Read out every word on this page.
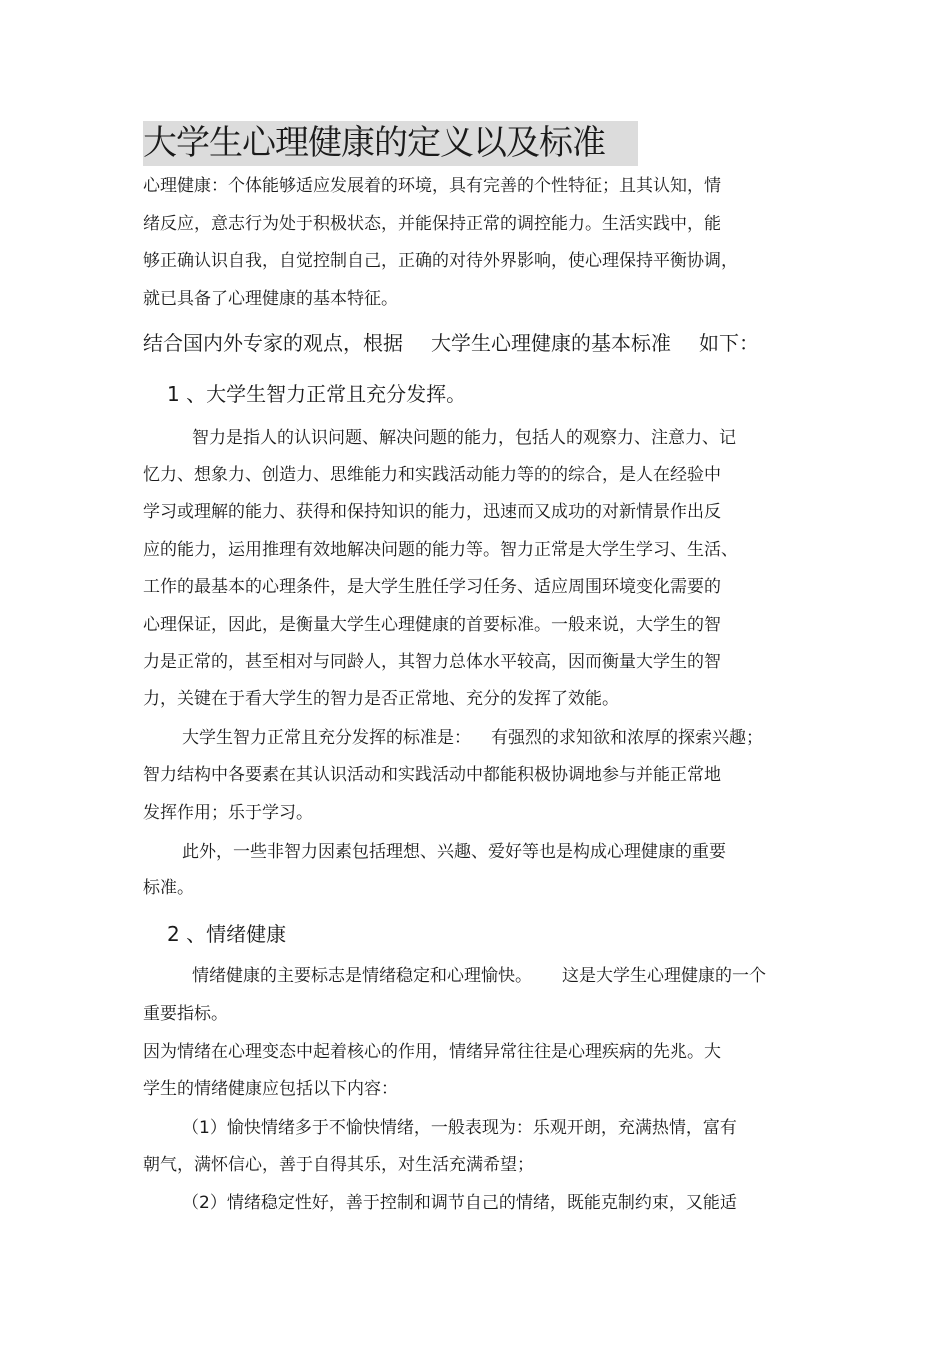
大学生心理健康的定义以及标准
心理健康：个体能够适应发展着的环境，具有完善的个性特征；且其认知，情
绪反应，意志行为处于积极状态，并能保持正常的调控能力。生活实践中，能
够正确认识自我，自觉控制自己，正确的对待外界影响，使心理保持平衡协调，
就已具备了心理健康的基本特征。
结合国内外专家的观点，根据 大学生心理健康的基本标准 如下：
1 、大学生智力正常且充分发挥。
智力是指人的认识问题、解决问题的能力，包括人的观察力、注意力、记
忆力、想象力、创造力、思维能力和实践活动能力等的的综合，是人在经验中
学习或理解的能力、获得和保持知识的能力，迅速而又成功的对新情景作出反
应的能力，运用推理有效地解决问题的能力等。智力正常是大学生学习、生活、
工作的最基本的心理条件，是大学生胜任学习任务、适应周围环境变化需要的
心理保证，因此，是衡量大学生心理健康的首要标准。一般来说，大学生的智
力是正常的，甚至相对与同龄人，其智力总体水平较高，因而衡量大学生的智
力，关键在于看大学生的智力是否正常地、充分的发挥了效能。
大学生智力正常且充分发挥的标准是： 有强烈的求知欲和浓厚的探索兴趣；
智力结构中各要素在其认识活动和实践活动中都能积极协调地参与并能正常地
发挥作用；乐于学习。
此外，一些非智力因素包括理想、兴趣、爱好等也是构成心理健康的重要
标准。
2 、情绪健康
情绪健康的主要标志是情绪稳定和心理愉快。 这是大学生心理健康的一个
重要指标。
因为情绪在心理变态中起着核心的作用，情绪异常往往是心理疾病的先兆。大
学生的情绪健康应包括以下内容：
（1）愉快情绪多于不愉快情绪，一般表现为：乐观开朗，充满热情，富有
朝气，满怀信心，善于自得其乐，对生活充满希望；
（2）情绪稳定性好，善于控制和调节自己的情绪，既能克制约束，又能适
